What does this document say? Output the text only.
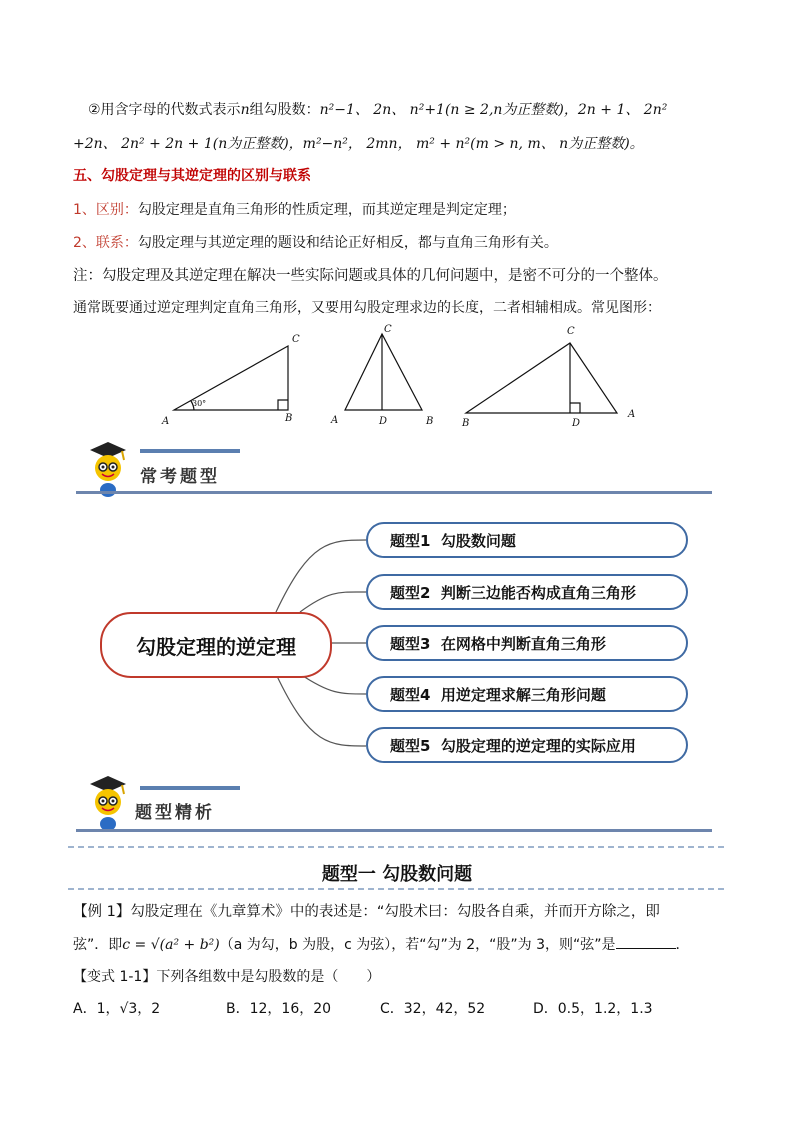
②用含字母的代数式表示n组勾股数：n²−1、 2n、 n²+1(n ≥ 2,n为正整数)，2n + 1、 2n²
+2n、 2n² + 2n + 1(n为正整数)，m²−n²， 2mn， m² + n²(m > n, m、 n为正整数)。
五、勾股定理与其逆定理的区别与联系
1、区别：勾股定理是直角三角形的性质定理，而其逆定理是判定定理；
2、联系：勾股定理与其逆定理的题设和结论正好相反，都与直角三角形有关。
注：勾股定理及其逆定理在解决一些实际问题或具体的几何问题中，是密不可分的一个整体。
通常既要通过逆定理判定直角三角形，又要用勾股定理求边的长度，二者相辅相成。常见图形：
A	B
C
30°
A	B
C
D	B
A
C
D
常考题型
勾股定理的逆定理
题型1
勾股数问题
题型2
判断三边能否构成直角三角形
题型3
在网格中判断直角三角形
题型4
用逆定理求解三角形问题
题型5
勾股定理的逆定理的实际应用
题型精析
题型一 勾股数问题
【例 1】勾股定理在《九章算术》中的表述是：“勾股术曰：勾股各自乘，并而开方除之，即
弦”．即c = √(a² + b²)（a 为勾，b 为股，c 为弦），若“勾”为 2，“股”为 3，则“弦”是	．
【变式 1-1】下列各组数中是勾股数的是（　　）
A．1，√3，2	B．12，16，20	C．32，42，52	D．0.5，1.2，1.3
